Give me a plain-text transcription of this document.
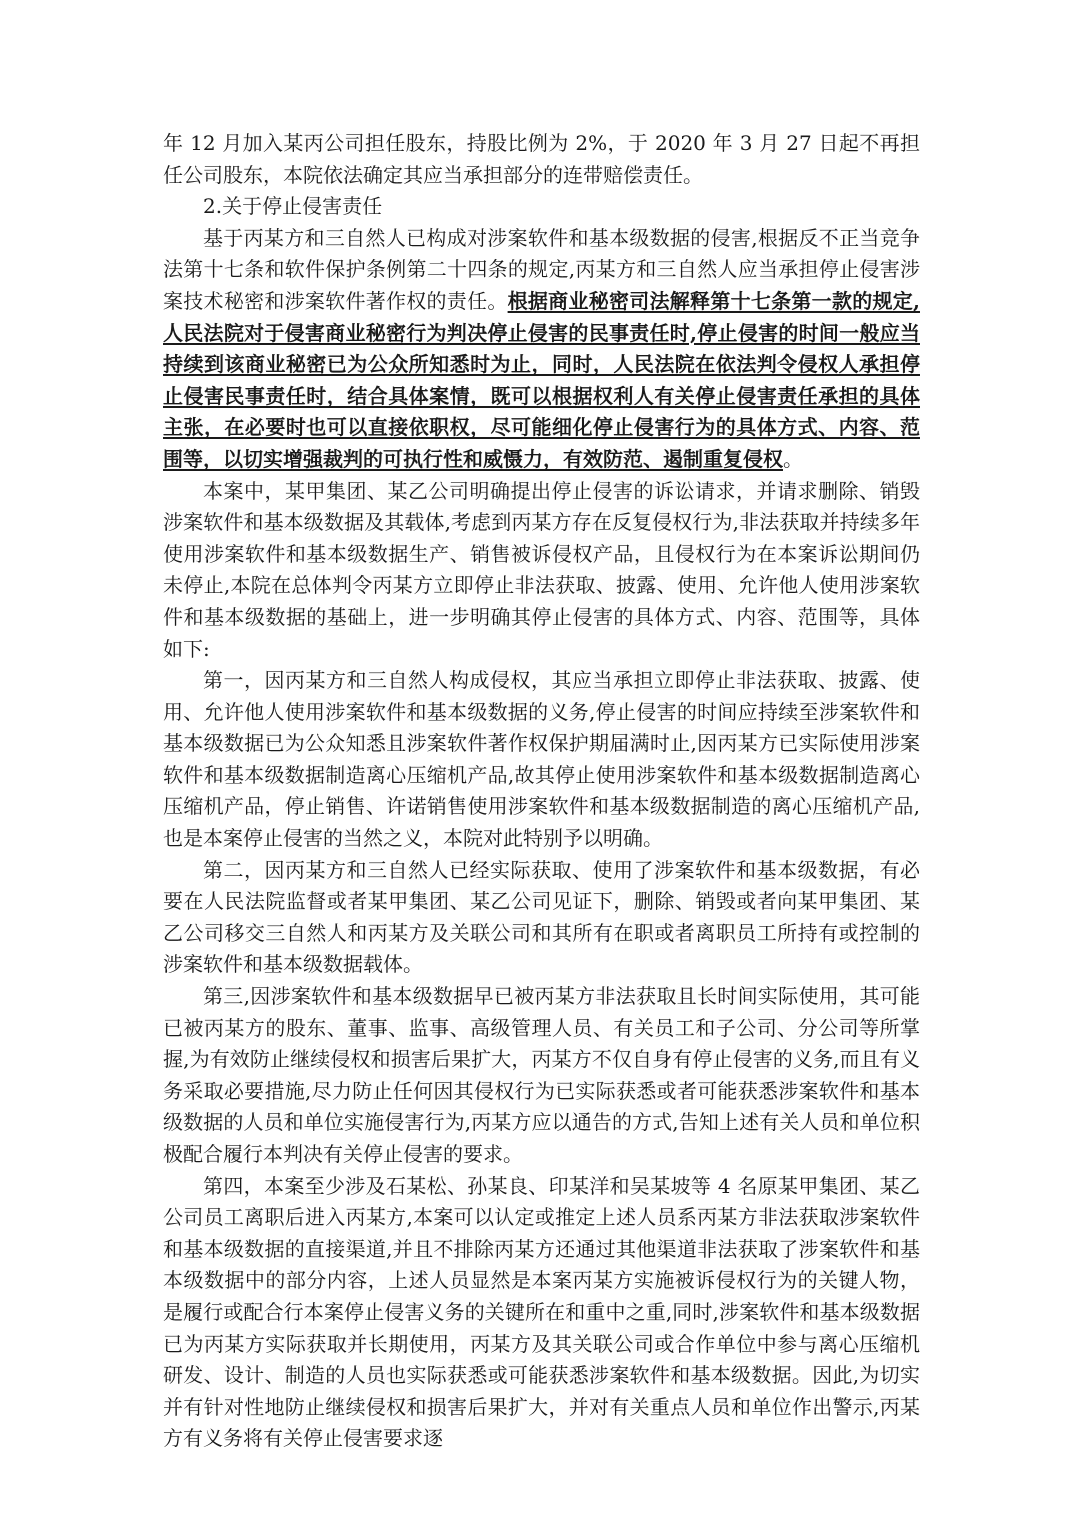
年 12 月加入某丙公司担任股东，持股比例为 2%，于 2020 年 3 月 27 日起不再担任公司股东，本院依法确定其应当承担部分的连带赔偿责任。

2.关于停止侵害责任

基于丙某方和三自然人已构成对涉案软件和基本级数据的侵害,根据反不正当竞争法第十七条和软件保护条例第二十四条的规定,丙某方和三自然人应当承担停止侵害涉案技术秘密和涉案软件著作权的责任。根据商业秘密司法解释第十七条第一款的规定,人民法院对于侵害商业秘密行为判决停止侵害的民事责任时,停止侵害的时间一般应当持续到该商业秘密已为公众所知悉时为止，同时，人民法院在依法判令侵权人承担停止侵害民事责任时，结合具体案情，既可以根据权利人有关停止侵害责任承担的具体主张，在必要时也可以直接依职权，尽可能细化停止侵害行为的具体方式、内容、范围等，以切实增强裁判的可执行性和威慑力，有效防范、遏制重复侵权。

本案中，某甲集团、某乙公司明确提出停止侵害的诉讼请求，并请求删除、销毁涉案软件和基本级数据及其载体,考虑到丙某方存在反复侵权行为,非法获取并持续多年使用涉案软件和基本级数据生产、销售被诉侵权产品，且侵权行为在本案诉讼期间仍未停止,本院在总体判令丙某方立即停止非法获取、披露、使用、允许他人使用涉案软件和基本级数据的基础上，进一步明确其停止侵害的具体方式、内容、范围等，具体如下:

第一，因丙某方和三自然人构成侵权，其应当承担立即停止非法获取、披露、使用、允许他人使用涉案软件和基本级数据的义务,停止侵害的时间应持续至涉案软件和基本级数据已为公众知悉且涉案软件著作权保护期届满时止,因丙某方已实际使用涉案软件和基本级数据制造离心压缩机产品,故其停止使用涉案软件和基本级数据制造离心压缩机产品，停止销售、许诺销售使用涉案软件和基本级数据制造的离心压缩机产品,也是本案停止侵害的当然之义，本院对此特别予以明确。

第二，因丙某方和三自然人已经实际获取、使用了涉案软件和基本级数据，有必要在人民法院监督或者某甲集团、某乙公司见证下，删除、销毁或者向某甲集团、某乙公司移交三自然人和丙某方及关联公司和其所有在职或者离职员工所持有或控制的涉案软件和基本级数据载体。

第三,因涉案软件和基本级数据早已被丙某方非法获取且长时间实际使用，其可能已被丙某方的股东、董事、监事、高级管理人员、有关员工和子公司、分公司等所掌握,为有效防止继续侵权和损害后果扩大，丙某方不仅自身有停止侵害的义务,而且有义务采取必要措施,尽力防止任何因其侵权行为已实际获悉或者可能获悉涉案软件和基本级数据的人员和单位实施侵害行为,丙某方应以通告的方式,告知上述有关人员和单位积极配合履行本判决有关停止侵害的要求。

第四，本案至少涉及石某松、孙某良、印某洋和吴某坡等 4 名原某甲集团、某乙公司员工离职后进入丙某方,本案可以认定或推定上述人员系丙某方非法获取涉案软件和基本级数据的直接渠道,并且不排除丙某方还通过其他渠道非法获取了涉案软件和基本级数据中的部分内容，上述人员显然是本案丙某方实施被诉侵权行为的关键人物，是履行或配合行本案停止侵害义务的关键所在和重中之重,同时,涉案软件和基本级数据已为丙某方实际获取并长期使用，丙某方及其关联公司或合作单位中参与离心压缩机研发、设计、制造的人员也实际获悉或可能获悉涉案软件和基本级数据。因此,为切实并有针对性地防止继续侵权和损害后果扩大，并对有关重点人员和单位作出警示,丙某方有义务将有关停止侵害要求逐
